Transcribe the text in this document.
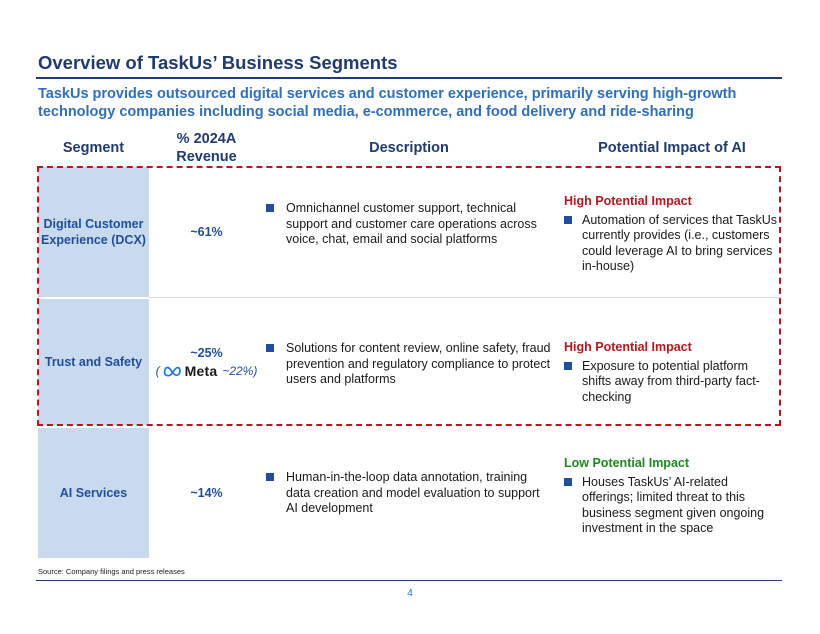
Overview of TaskUs’ Business Segments
TaskUs provides outsourced digital services and customer experience, primarily serving high-growth technology companies including social media, e-commerce, and food delivery and ride-sharing
Segment
% 2024A Revenue
Description	Potential Impact of AI
Digital Customer Experience (DCX)
Trust and Safety
AI Services
~61%
~25%
( Meta ~22%)
~14%
Omnichannel customer support, technical support and customer care operations across voice, chat, email and social platforms
Solutions for content review, online safety, fraud prevention and regulatory compliance to protect users and platforms
Human-in-the-loop data annotation, training data creation and model evaluation to support AI development
High Potential Impact
Automation of services that TaskUs currently provides (i.e., customers could leverage AI to bring services in-house)
High Potential Impact
Exposure to potential platform shifts away from third-party fact-checking
Low Potential Impact
Houses TaskUs’ AI-related offerings; limited threat to this business segment given ongoing investment in the space
Source: Company filings and press releases
4
